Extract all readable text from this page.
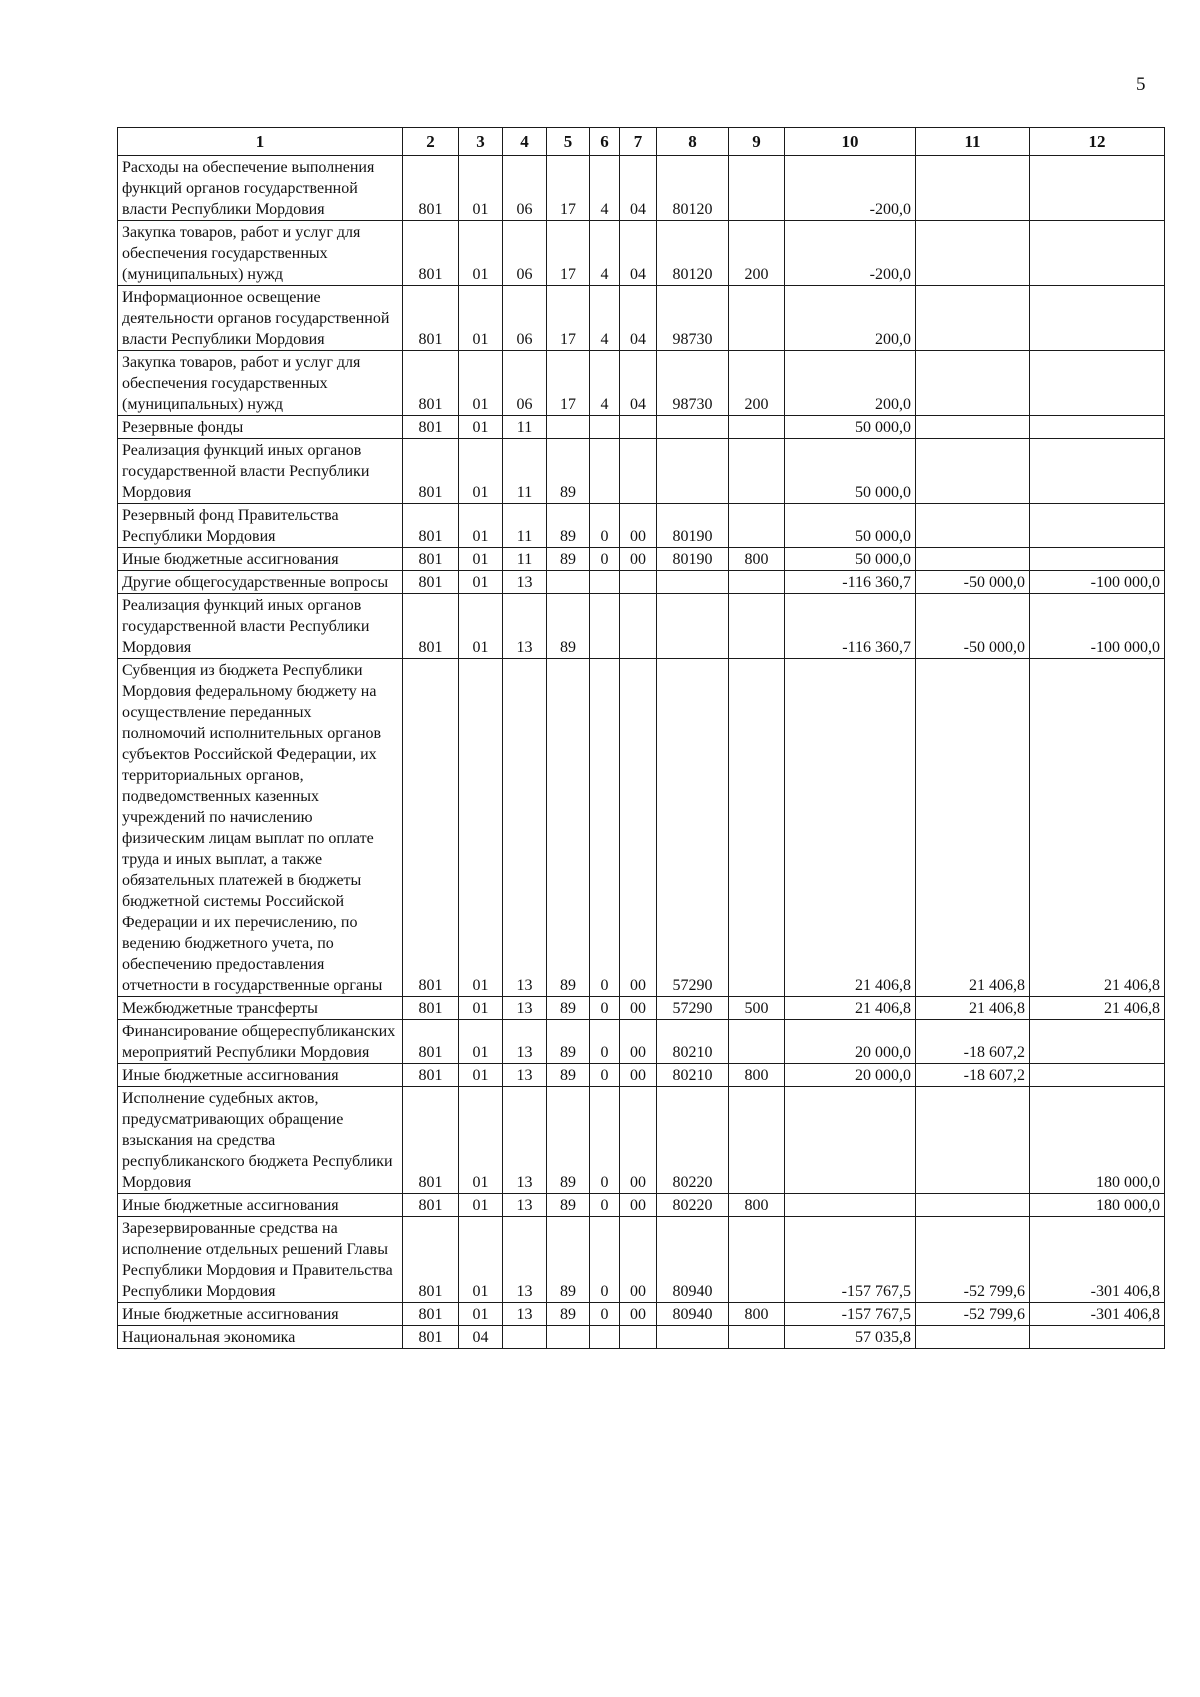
5
1	2	3	4	5	6	7	8	9	10	11	12
Расходы на обеспечение выполнения функций органов государственной власти Республики Мордовия	801	01	06	17	4	04	80120		-200,0		
Закупка товаров, работ и услуг для обеспечения государственных (муниципальных) нужд	801	01	06	17	4	04	80120	200	-200,0		
Информационное освещение деятельности органов государственной власти Республики Мордовия	801	01	06	17	4	04	98730		200,0		
Закупка товаров, работ и услуг для обеспечения государственных (муниципальных) нужд	801	01	06	17	4	04	98730	200	200,0		
Резервные фонды	801	01	11						50 000,0		
Реализация функций иных органов государственной власти Республики Мордовия	801	01	11	89					50 000,0		
Резервный фонд Правительства Республики Мордовия	801	01	11	89	0	00	80190		50 000,0		
Иные бюджетные ассигнования	801	01	11	89	0	00	80190	800	50 000,0		
Другие общегосударственные вопросы	801	01	13						-116 360,7	-50 000,0	-100 000,0
Реализация функций иных органов государственной власти Республики Мордовия	801	01	13	89					-116 360,7	-50 000,0	-100 000,0
Субвенция из бюджета Республики Мордовия федеральному бюджету на осуществление переданных полномочий исполнительных органов субъектов Российской Федерации, их территориальных органов, подведомственных казенных учреждений по начислению физическим лицам выплат по оплате труда и иных выплат, а также обязательных платежей в бюджеты бюджетной системы Российской Федерации и их перечислению, по ведению бюджетного учета, по обеспечению предоставления отчетности в государственные органы	801	01	13	89	0	00	57290		21 406,8	21 406,8	21 406,8
Межбюджетные трансферты	801	01	13	89	0	00	57290	500	21 406,8	21 406,8	21 406,8
Финансирование общереспубликанских мероприятий Республики Мордовия	801	01	13	89	0	00	80210		20 000,0	-18 607,2	
Иные бюджетные ассигнования	801	01	13	89	0	00	80210	800	20 000,0	-18 607,2	
Исполнение судебных актов, предусматривающих обращение взыскания на средства республиканского бюджета Республики Мордовия	801	01	13	89	0	00	80220				180 000,0
Иные бюджетные ассигнования	801	01	13	89	0	00	80220	800			180 000,0
Зарезервированные средства на исполнение отдельных решений Главы Республики Мордовия и Правительства Республики Мордовия	801	01	13	89	0	00	80940		-157 767,5	-52 799,6	-301 406,8
Иные бюджетные ассигнования	801	01	13	89	0	00	80940	800	-157 767,5	-52 799,6	-301 406,8
Национальная экономика	801	04							57 035,8		
